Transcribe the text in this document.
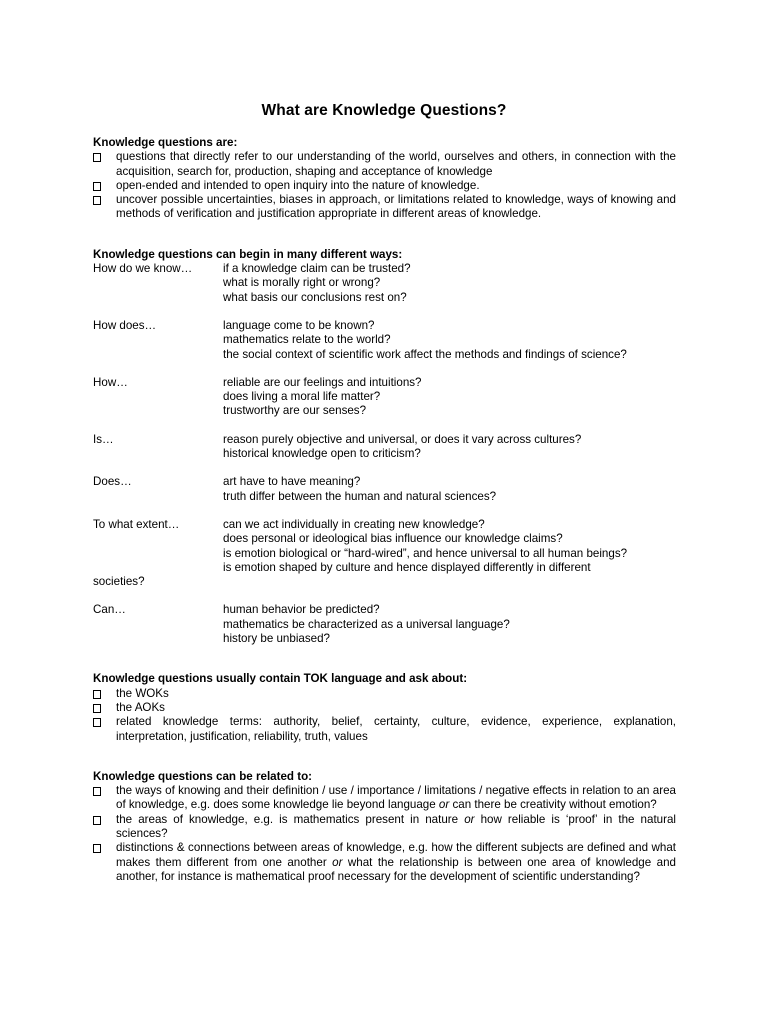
What are Knowledge Questions?

Knowledge questions are:

questions that directly refer to our understanding of the world, ourselves and others, in connection with the acquisition, search for, production, shaping and acceptance of knowledge
open-ended and intended to open inquiry into the nature of knowledge.
uncover possible uncertainties, biases in approach, or limitations related to knowledge, ways of knowing and methods of verification and justification appropriate in different areas of knowledge.

Knowledge questions can begin in many different ways:

How do we know…	if a knowledge claim can be trusted?
what is morally right or wrong?
what basis our conclusions rest on?
How does…	language come to be known?
mathematics relate to the world?
the social context of scientific work affect the methods and findings of science?
How…	reliable are our feelings and intuitions?
does living a moral life matter?
trustworthy are our senses?
Is…	reason purely objective and universal, or does it vary across cultures?
historical knowledge open to criticism?
Does…	art have to have meaning?
truth differ between the human and natural sciences?
To what extent…	can we act individually in creating new knowledge?
does personal or ideological bias influence our knowledge claims?
is emotion biological or “hard-wired”, and hence universal to all human beings?
is emotion shaped by culture and hence displayed differently in different
societies?
Can…	human behavior be predicted?
mathematics be characterized as a universal language?
history be unbiased?

Knowledge questions usually contain TOK language and ask about:

the WOKs
the AOKs
related knowledge terms: authority, belief, certainty, culture, evidence, experience, explanation, interpretation, justification, reliability, truth, values

Knowledge questions can be related to:

the ways of knowing and their definition / use / importance / limitations / negative effects in relation to an area of knowledge, e.g. does some knowledge lie beyond language or can there be creativity without emotion?
the areas of knowledge, e.g. is mathematics present in nature or how reliable is ‘proof’ in the natural sciences?
distinctions & connections between areas of knowledge, e.g. how the different subjects are defined and what makes them different from one another or what the relationship is between one area of knowledge and another, for instance is mathematical proof necessary for the development of scientific understanding?
